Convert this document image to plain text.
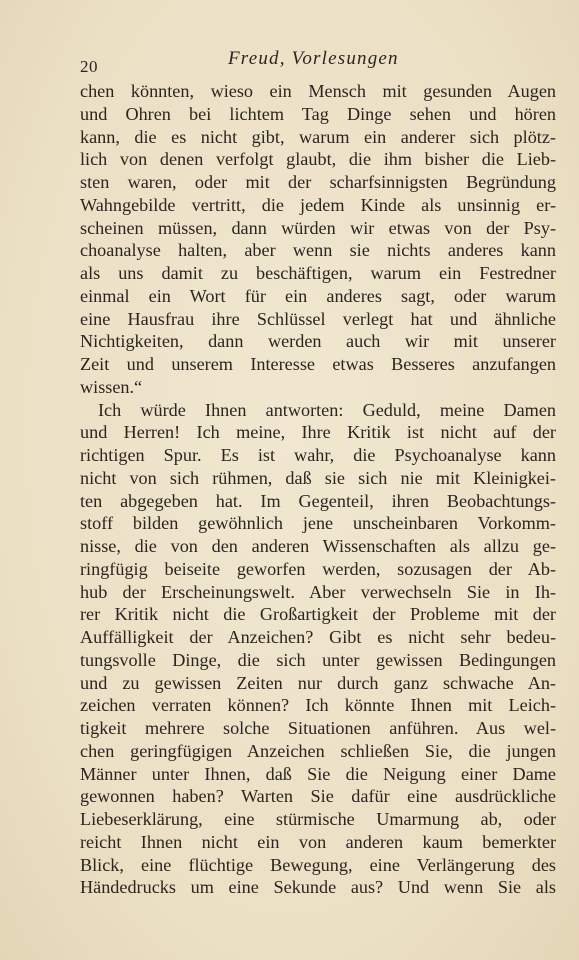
20	Freud, Vorlesungen
chen könnten, wieso ein Mensch mit gesunden Augen
und Ohren bei lichtem Tag Dinge sehen und hören
kann, die es nicht gibt, warum ein anderer sich plötz-
lich von denen verfolgt glaubt, die ihm bisher die Lieb-
sten waren, oder mit der scharfsinnigsten Begründung
Wahngebilde vertritt, die jedem Kinde als unsinnig er-
scheinen müssen, dann würden wir etwas von der Psy-
choanalyse halten, aber wenn sie nichts anderes kann
als uns damit zu beschäftigen, warum ein Festredner
einmal ein Wort für ein anderes sagt, oder warum
eine Hausfrau ihre Schlüssel verlegt hat und ähnliche
Nichtigkeiten, dann werden auch wir mit unserer
Zeit und unserem Interesse etwas Besseres anzufangen
wissen.“
Ich würde Ihnen antworten: Geduld, meine Damen
und Herren! Ich meine, Ihre Kritik ist nicht auf der
richtigen Spur. Es ist wahr, die Psychoanalyse kann
nicht von sich rühmen, daß sie sich nie mit Kleinigkei-
ten abgegeben hat. Im Gegenteil, ihren Beobachtungs-
stoff bilden gewöhnlich jene unscheinbaren Vorkomm-
nisse, die von den anderen Wissenschaften als allzu ge-
ringfügig beiseite geworfen werden, sozusagen der Ab-
hub der Erscheinungswelt. Aber verwechseln Sie in Ih-
rer Kritik nicht die Großartigkeit der Probleme mit der
Auffälligkeit der Anzeichen? Gibt es nicht sehr bedeu-
tungsvolle Dinge, die sich unter gewissen Bedingungen
und zu gewissen Zeiten nur durch ganz schwache An-
zeichen verraten können? Ich könnte Ihnen mit Leich-
tigkeit mehrere solche Situationen anführen. Aus wel-
chen geringfügigen Anzeichen schließen Sie, die jungen
Männer unter Ihnen, daß Sie die Neigung einer Dame
gewonnen haben? Warten Sie dafür eine ausdrückliche
Liebeserklärung, eine stürmische Umarmung ab, oder
reicht Ihnen nicht ein von anderen kaum bemerkter
Blick, eine flüchtige Bewegung, eine Verlängerung des
Händedrucks um eine Sekunde aus? Und wenn Sie als
